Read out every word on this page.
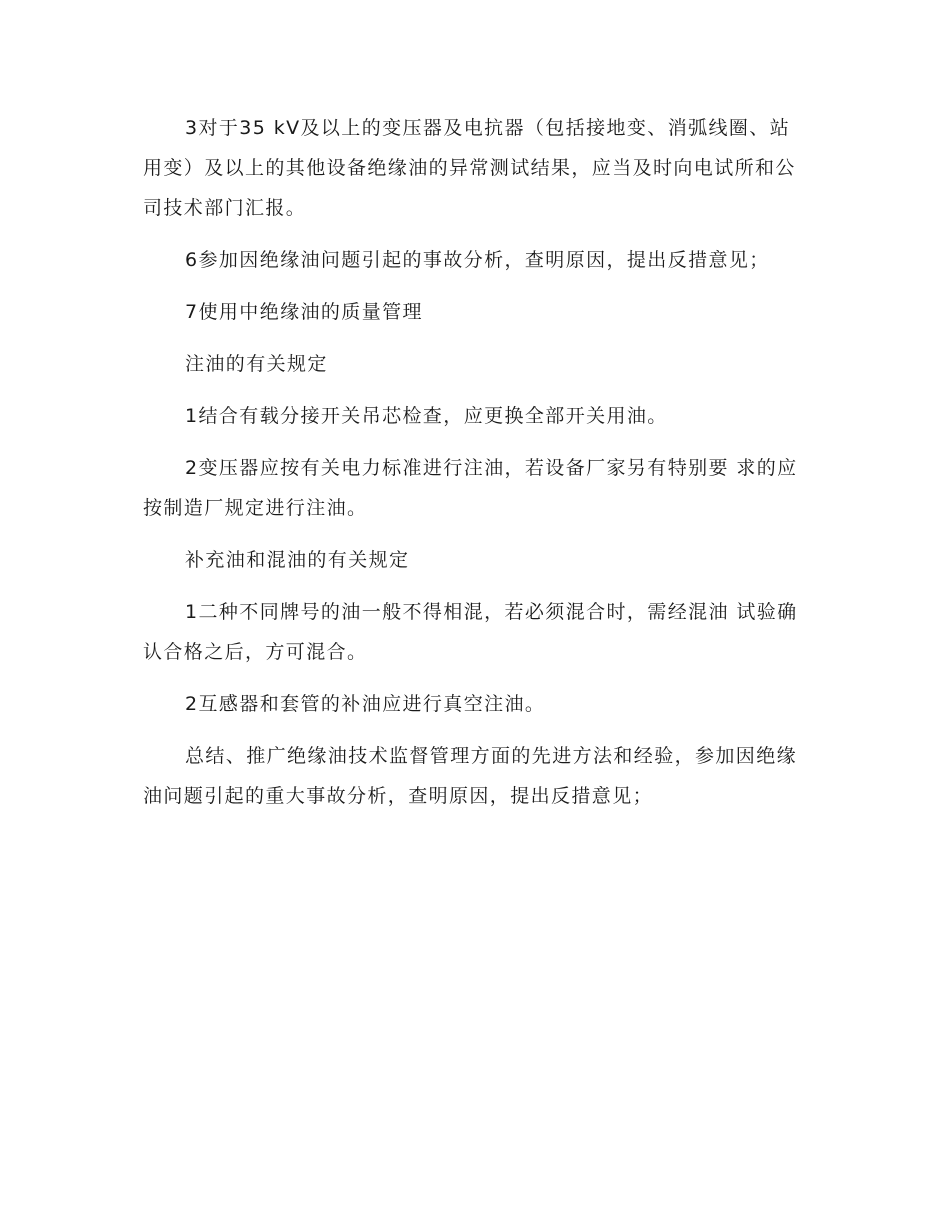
3对于35 kV及以上的变压器及电抗器（包括接地变、消弧线圈、站用变）及以上的其他设备绝缘油的异常测试结果，应当及时向电试所和公司技术部门汇报。

6参加因绝缘油问题引起的事故分析，查明原因，提出反措意见；

7使用中绝缘油的质量管理

注油的有关规定

1结合有载分接开关吊芯检查，应更换全部开关用油。

2变压器应按有关电力标准进行注油，若设备厂家另有特别要 求的应按制造厂规定进行注油。

补充油和混油的有关规定

1二种不同牌号的油一般不得相混，若必须混合时，需经混油 试验确认合格之后，方可混合。

2互感器和套管的补油应进行真空注油。

总结、推广绝缘油技术监督管理方面的先进方法和经验，参加因绝缘油问题引起的重大事故分析，查明原因，提出反措意见；
